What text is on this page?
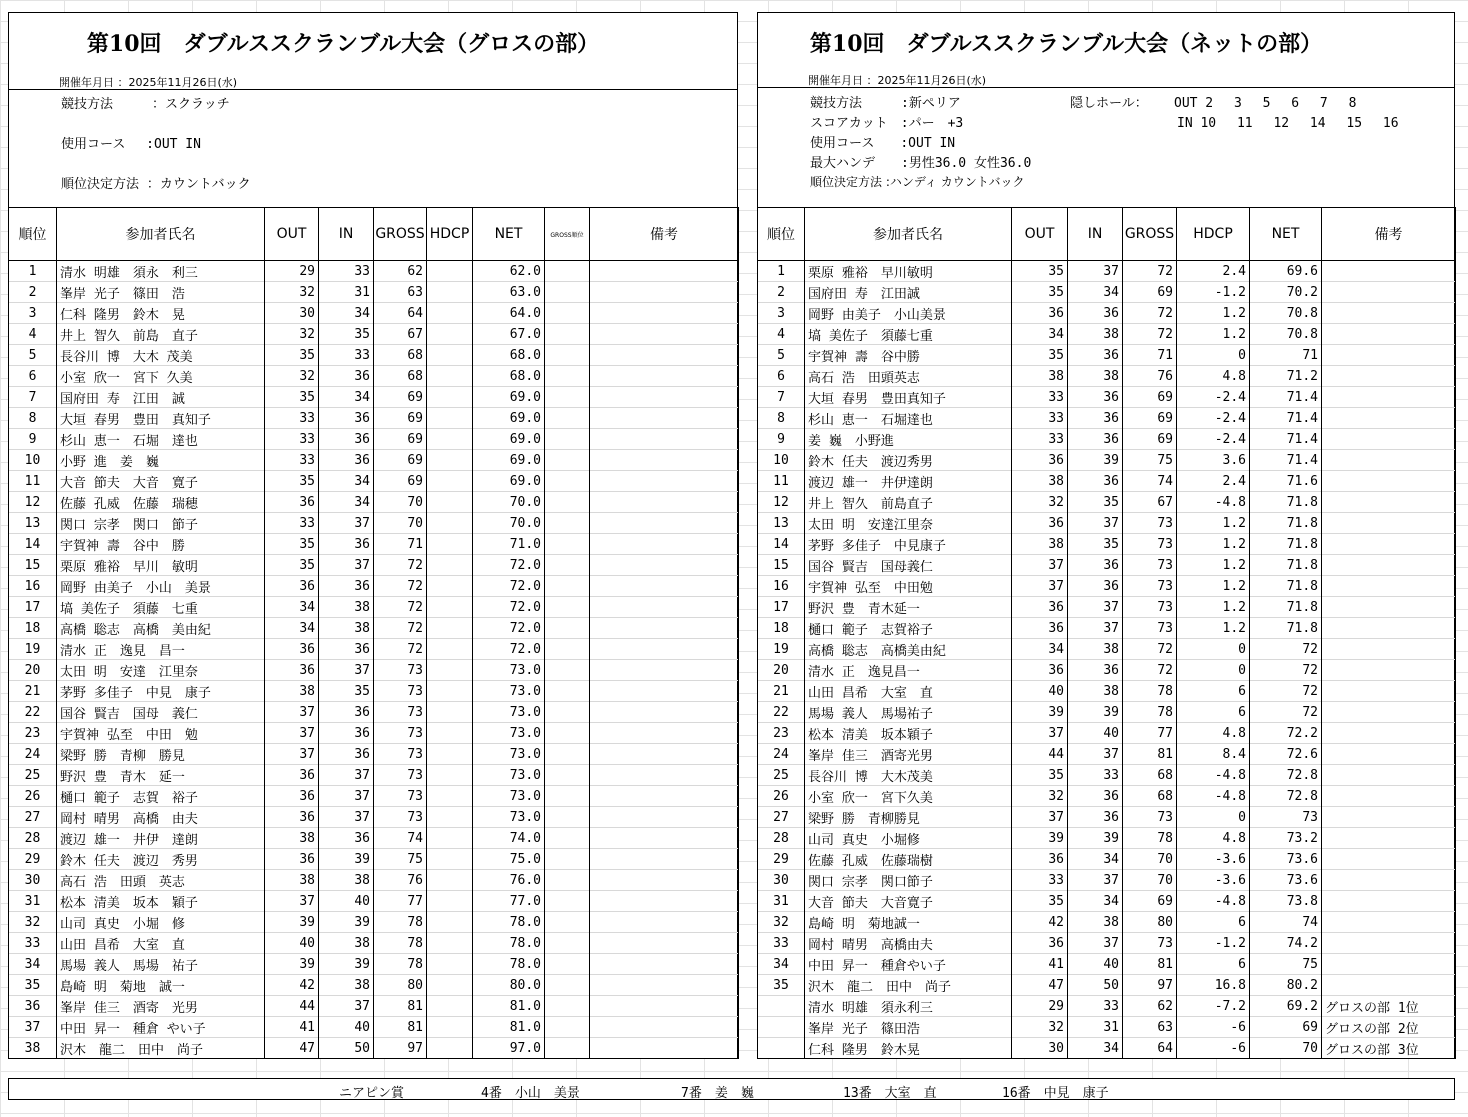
第10回　ダブルススクランブル大会（グロスの部）
開催年月日 ：2025年11月26日(水)
競技方法　　　：スクラッチ
使用コース　 :OUT IN
順位決定方法 ：カウントバック
順位	参加者氏名	OUT	IN	GROSS	HDCP	NET	GROSS順位	備考
1	清水 明雄　須永　利三	29	33	62		62.0		
2	峯岸 光子　篠田　浩	32	31	63		63.0		
3	仁科 隆男　鈴木　晃	30	34	64		64.0		
4	井上 智久　前島　直子	32	35	67		67.0		
5	長谷川 博　大木 茂美	35	33	68		68.0		
6	小室 欣一　宮下 久美	32	36	68		68.0		
7	国府田 寿　江田　誠	35	34	69		69.0		
8	大垣 春男　豊田　真知子	33	36	69		69.0		
9	杉山 恵一　石堀　達也	33	36	69		69.0		
10	小野 進　姜　巍	33	36	69		69.0		
11	大音 節夫　大音　寛子	35	34	69		69.0		
12	佐藤 孔威　佐藤　瑞穂	36	34	70		70.0		
13	関口 宗孝　関口　節子	33	37	70		70.0		
14	宇賀神 壽　谷中　勝	35	36	71		71.0		
15	栗原 雅裕　早川　敏明	35	37	72		72.0		
16	岡野 由美子　小山　美景	36	36	72		72.0		
17	塙 美佐子　須藤　七重	34	38	72		72.0		
18	高橋 聡志　高橋　美由紀	34	38	72		72.0		
19	清水 正　逸見　昌一	36	36	72		72.0		
20	太田 明　安達　江里奈	36	37	73		73.0		
21	茅野 多佳子　中見　康子	38	35	73		73.0		
22	国谷 賢吉　国母　義仁	37	36	73		73.0		
23	宇賀神 弘至　中田　勉	37	36	73		73.0		
24	梁野 勝　青柳　勝見	37	36	73		73.0		
25	野沢 豊　青木　延一	36	37	73		73.0		
26	樋口 範子　志賀　裕子	36	37	73		73.0		
27	岡村 晴男　高橋　由夫	36	37	73		73.0		
28	渡辺 雄一　井伊　達朗	38	36	74		74.0		
29	鈴木 任夫　渡辺　秀男	36	39	75		75.0		
30	高石 浩　田頭　英志	38	38	76		76.0		
31	松本 清美　坂本　穎子	37	40	77		77.0		
32	山司 真史　小堀　修	39	39	78		78.0		
33	山田 昌希　大室　直	40	38	78		78.0		
34	馬場 義人　馬場　祐子	39	39	78		78.0		
35	島崎 明　菊地　誠一	42	38	80		80.0		
36	峯岸 佳三　酒寄　光男	44	37	81		81.0		
37	中田 昇一　種倉 やい子	41	40	81		81.0		
38	沢木　龍二　田中　尚子	47	50	97		97.0		
第10回　ダブルススクランブル大会（ネットの部）
開催年月日 ：2025年11月26日(水)
競技方法　　　:新ペリア
スコアカット　:パー　+3
使用コース　　:OUT IN
最大ハンデ　　:男性36.0 女性36.0
順位決定方法 :ハンディ カウントバック
隠しホール： OUT 2　 3　 5　 6　 7　 8
IN 10　 11　 12　 14　 15　 16
順位	参加者氏名	OUT	IN	GROSS	HDCP	NET	備考
1	栗原 雅裕　早川敏明	35	37	72	2.4	69.6	
2	国府田 寿　江田誠	35	34	69	-1.2	70.2	
3	岡野 由美子　小山美景	36	36	72	1.2	70.8	
4	塙 美佐子　須藤七重	34	38	72	1.2	70.8	
5	宇賀神 壽　谷中勝	35	36	71	0	71	
6	高石 浩　田頭英志	38	38	76	4.8	71.2	
7	大垣 春男　豊田真知子	33	36	69	-2.4	71.4	
8	杉山 恵一　石堀達也	33	36	69	-2.4	71.4	
9	姜 巍　小野進	33	36	69	-2.4	71.4	
10	鈴木 任夫　渡辺秀男	36	39	75	3.6	71.4	
11	渡辺 雄一　井伊達朗	38	36	74	2.4	71.6	
12	井上 智久　前島直子	32	35	67	-4.8	71.8	
13	太田 明　安達江里奈	36	37	73	1.2	71.8	
14	茅野 多佳子　中見康子	38	35	73	1.2	71.8	
15	国谷 賢吉　国母義仁	37	36	73	1.2	71.8	
16	宇賀神 弘至　中田勉	37	36	73	1.2	71.8	
17	野沢 豊　青木延一	36	37	73	1.2	71.8	
18	樋口 範子　志賀裕子	36	37	73	1.2	71.8	
19	高橋 聡志　高橋美由紀	34	38	72	0	72	
20	清水 正　逸見昌一	36	36	72	0	72	
21	山田 昌希　大室　直	40	38	78	6	72	
22	馬場 義人　馬場祐子	39	39	78	6	72	
23	松本 清美　坂本穎子	37	40	77	4.8	72.2	
24	峯岸 佳三　酒寄光男	44	37	81	8.4	72.6	
25	長谷川 博　大木茂美	35	33	68	-4.8	72.8	
26	小室 欣一　宮下久美	32	36	68	-4.8	72.8	
27	梁野 勝　青柳勝見	37	36	73	0	73	
28	山司 真史　小堀修	39	39	78	4.8	73.2	
29	佐藤 孔威　佐藤瑞樹	36	34	70	-3.6	73.6	
30	関口 宗孝　関口節子	33	37	70	-3.6	73.6	
31	大音 節夫　大音寛子	35	34	69	-4.8	73.8	
32	島崎 明　菊地誠一	42	38	80	6	74	
33	岡村 晴男　高橋由夫	36	37	73	-1.2	74.2	
34	中田 昇一　種倉やい子	41	40	81	6	75	
35	沢木　龍二　田中　尚子	47	50	97	16.8	80.2	
	清水 明雄　須永利三	29	33	62	-7.2	69.2	グロスの部 1位
	峯岸 光子　篠田浩	32	31	63	-6	69	グロスの部 2位
	仁科 隆男　鈴木晃	30	34	64	-6	70	グロスの部 3位
ニアピン賞	4番　小山　美景	7番　姜　巍	13番　大室　直	16番　中見　康子
